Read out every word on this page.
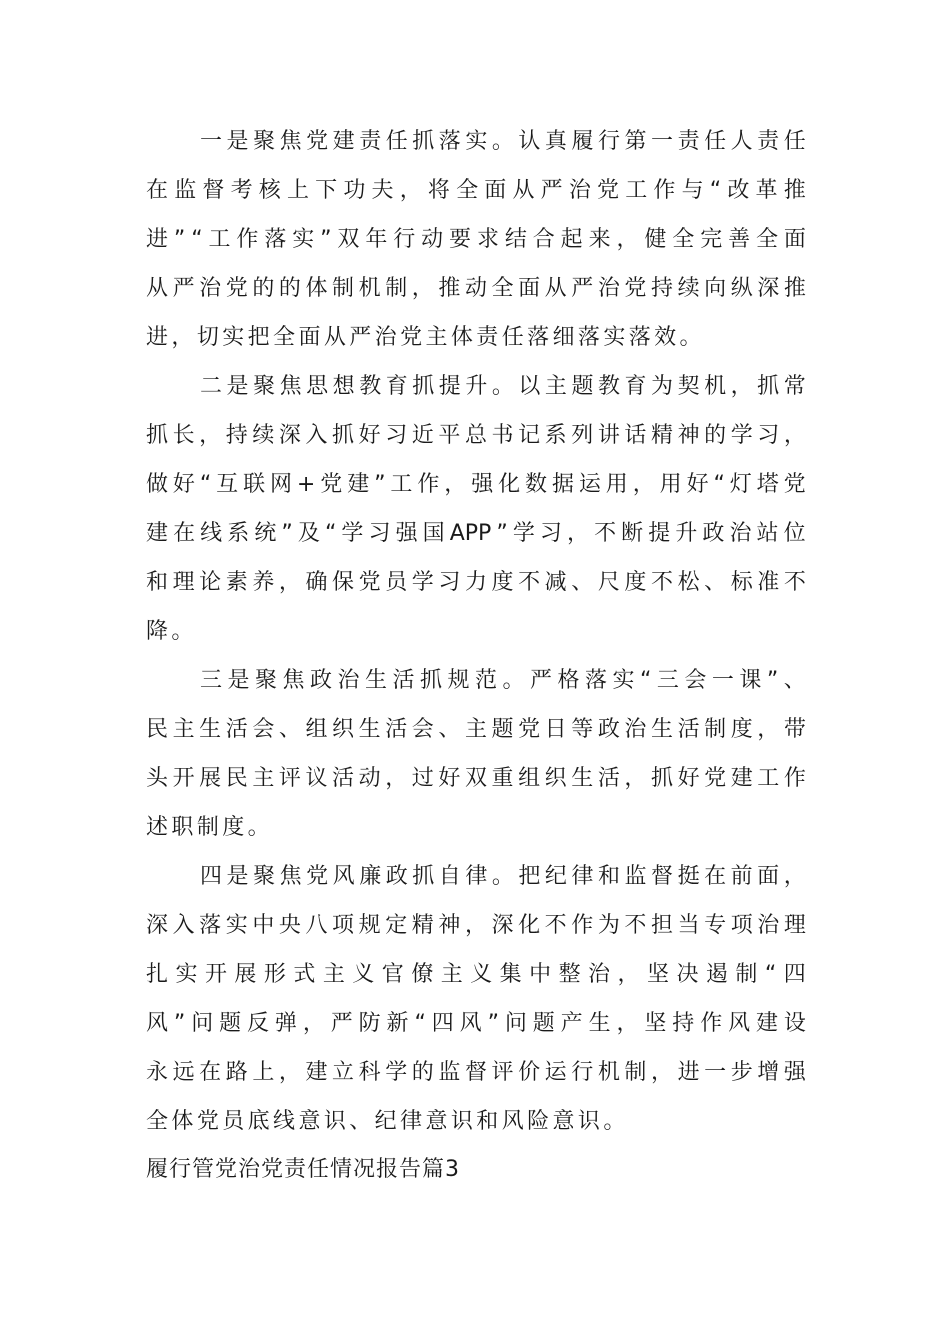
一 是 聚 焦 党 建 责 任 抓 落 实 。 认 真 履 行 第 一 责 任 人 责 任
在 监 督 考 核 上 下 功 夫 ， 将 全 面 从 严 治 党 工 作 与 “ 改 革 推
进 ” “ 工 作 落 实 ” 双 年 行 动 要 求 结 合 起 来 ， 健 全 完 善 全 面
从 严 治 党 的 的 体 制 机 制 ， 推 动 全 面 从 严 治 党 持 续 向 纵 深 推
进 ， 切 实 把 全 面 从 严 治 党 主 体 责 任 落 细 落 实 落 效 。
二 是 聚 焦 思 想 教 育 抓 提 升 。 以 主 题 教 育 为 契 机 ， 抓 常
抓 长 ， 持 续 深 入 抓 好 习 近 平 总 书 记 系 列 讲 话 精 神 的 学 习 ，
做 好 “ 互 联 网 + 党 建 ” 工 作 ， 强 化 数 据 运 用 ， 用 好 “ 灯 塔 党
建 在 线 系 统 ” 及 “ 学 习 强 国 APP ” 学 习 ， 不 断 提 升 政 治 站 位
和 理 论 素 养 ， 确 保 党 员 学 习 力 度 不 减 、 尺 度 不 松 、 标 准 不
降 。
三 是 聚 焦 政 治 生 活 抓 规 范 。 严 格 落 实 “ 三 会 一 课 ” 、
民 主 生 活 会 、 组 织 生 活 会 、 主 题 党 日 等 政 治 生 活 制 度 ， 带
头 开 展 民 主 评 议 活 动 ， 过 好 双 重 组 织 生 活 ， 抓 好 党 建 工 作
述 职 制 度 。
四 是 聚 焦 党 风 廉 政 抓 自 律 。 把 纪 律 和 监 督 挺 在 前 面 ，
深 入 落 实 中 央 八 项 规 定 精 神 ， 深 化 不 作 为 不 担 当 专 项 治 理
扎 实 开 展 形 式 主 义 官 僚 主 义 集 中 整 治 ， 坚 决 遏 制 “ 四
风 ” 问 题 反 弹 ， 严 防 新 “ 四 风 ” 问 题 产 生 ， 坚 持 作 风 建 设
永 远 在 路 上 ， 建 立 科 学 的 监 督 评 价 运 行 机 制 ， 进 一 步 增 强
全 体 党 员 底 线 意 识 、 纪 律 意 识 和 风 险 意 识 。
履行管党治党责任情况报告篇3
